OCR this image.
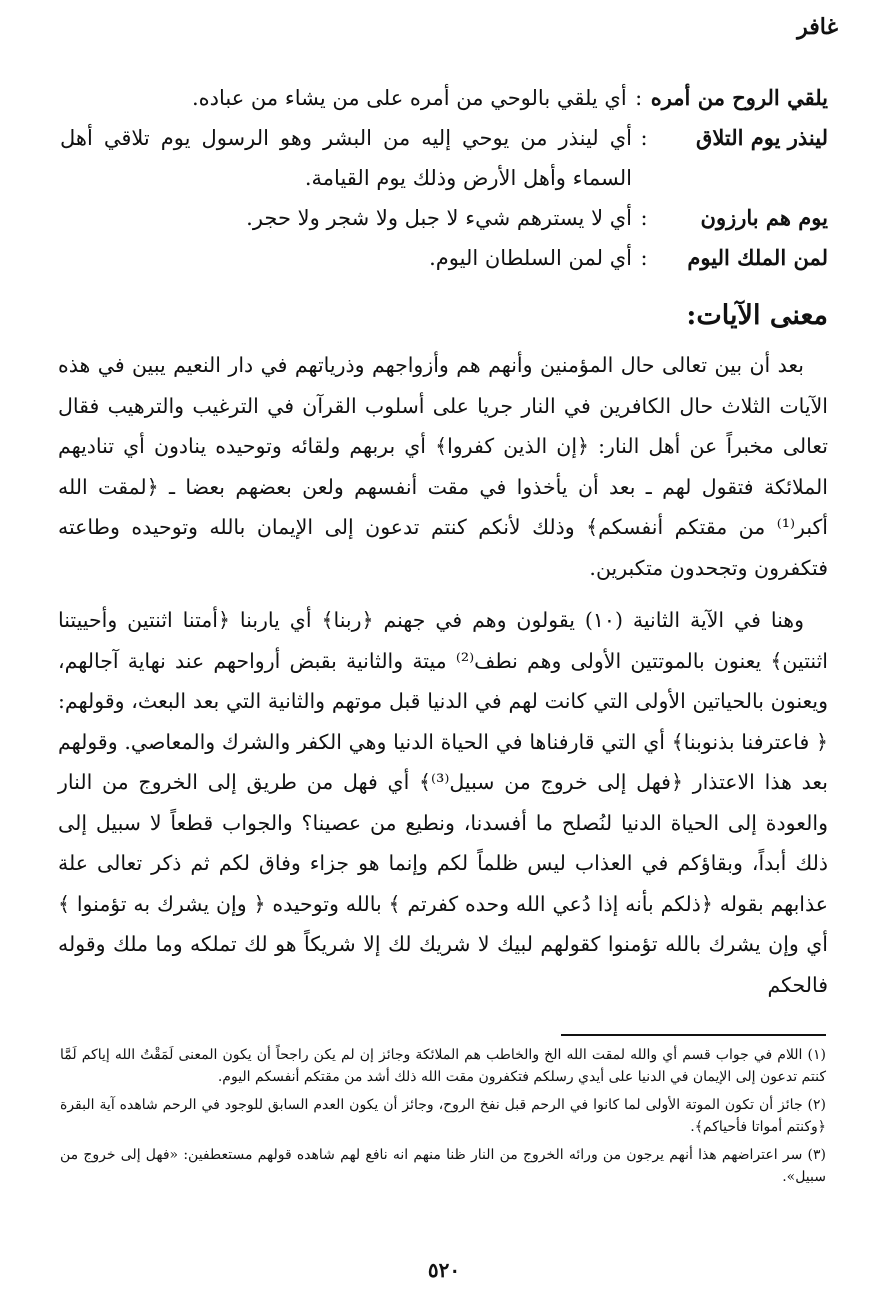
غافر
يلقي الروح من أمره
:
أي يلقي بالوحي من أمره على من يشاء من عباده.
لينذر يوم التلاق
:
أي لينذر من يوحي إليه من البشر وهو الرسول يوم تلاقي أهل السماء وأهل الأرض وذلك يوم القيامة.
يوم هم بارزون
:
أي لا يسترهم شيء لا جبل ولا شجر ولا حجر.
لمن الملك اليوم
:
أي لمن السلطان اليوم.
معنى الآيات:

بعد أن بين تعالى حال المؤمنين وأنهم هم وأزواجهم وذرياتهم في دار النعيم يبين في هذه الآيات الثلاث حال الكافرين في النار جريا على أسلوب القرآن في الترغيب والترهيب فقال تعالى مخبراً عن أهل النار: ﴿إن الذين كفروا﴾ أي بربهم ولقائه وتوحيده ينادون أي تناديهم الملائكة فتقول لهم ـ بعد أن يأخذوا في مقت أنفسهم ولعن بعضهم بعضا ـ ﴿لمقت الله أكبر⁽¹⁾ من مقتكم أنفسكم﴾ وذلك لأنكم كنتم تدعون إلى الإيمان بالله وتوحيده وطاعته فتكفرون وتجحدون متكبرين.

وهنا في الآية الثانية (١٠) يقولون وهم في جهنم ﴿ربنا﴾ أي ياربنا ﴿أمتنا اثنتين وأحييتنا اثنتين﴾ يعنون بالموتتين الأولى وهم نطف⁽²⁾ ميتة والثانية بقبض أرواحهم عند نهاية آجالهم، ويعنون بالحياتين الأولى التي كانت لهم في الدنيا قبل موتهم والثانية التي بعد البعث، وقولهم: ﴿ فاعترفنا بذنوبنا﴾ أي التي قارفناها في الحياة الدنيا وهي الكفر والشرك والمعاصي. وقولهم بعد هذا الاعتذار ﴿فهل إلى خروج من سبيل⁽³⁾﴾ أي فهل من طريق إلى الخروج من النار والعودة إلى الحياة الدنيا لنُصلح ما أفسدنا، ونطيع من عصينا؟ والجواب قطعاً لا سبيل إلى ذلك أبداً، وبقاؤكم في العذاب ليس ظلماً لكم وإنما هو جزاء وفاق لكم ثم ذكر تعالى علة عذابهم بقوله ﴿ذلكم بأنه إذا دُعي الله وحده كفرتم ﴾ بالله وتوحيده ﴿ وإن يشرك به تؤمنوا ﴾ أي وإن يشرك بالله تؤمنوا كقولهم لبيك لا شريك لك إلا شريكاً هو لك تملكه وما ملك وقوله فالحكم

(١) اللام في جواب قسم أي والله لمقت الله الخ والخاطب هم الملائكة وجائز إن لم يكن راجحاً أن يكون المعنى لَمَقْتُ الله إياكم لَمَّا كنتم تدعون إلى الإيمان في الدنيا على أيدي رسلكم فتكفرون مقت الله ذلك أشد من مقتكم أنفسكم اليوم.

(٢) جائز أن تكون الموتة الأولى لما كانوا في الرحم قبل نفخ الروح، وجائز أن يكون العدم السابق للوجود في الرحم شاهده آية البقرة ﴿وكنتم أمواتا فأحياكم﴾.

(٣) سر اعتراضهم هذا أنهم يرجون من ورائه الخروج من النار ظنا منهم انه نافع لهم شاهده قولهم مستعطفين: «فهل إلى خروج من سبيل».

٥٢٠
